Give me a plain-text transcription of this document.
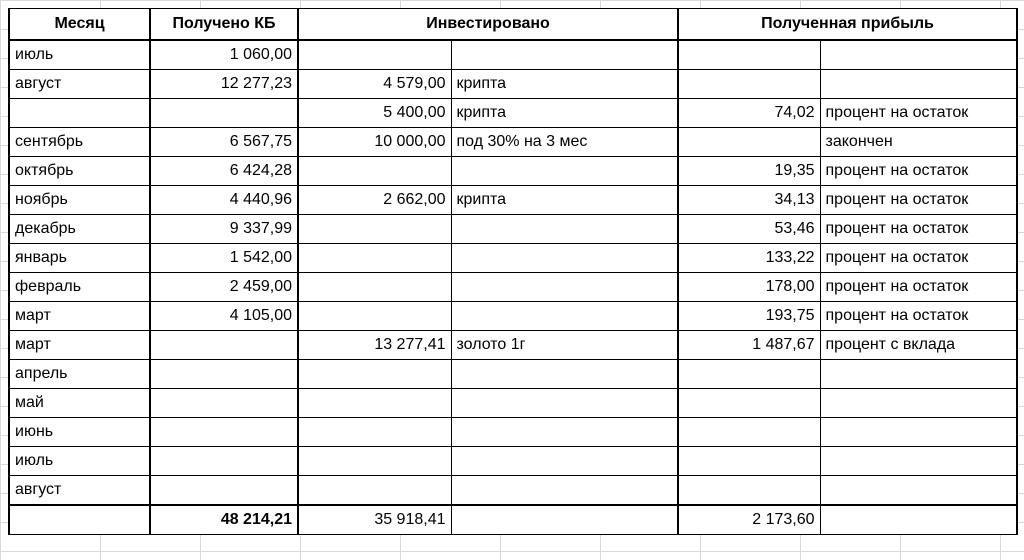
Месяц	Получено КБ	Инвестировано		Полученная прибыль	
июль	1 060,00				
август	12 277,23	4 579,00	крипта		
		5 400,00	крипта	74,02	процент на остаток
сентябрь	6 567,75	10 000,00	под 30% на 3 мес		закончен
октябрь	6 424,28			19,35	процент на остаток
ноябрь	4 440,96	2 662,00	крипта	34,13	процент на остаток
декабрь	9 337,99			53,46	процент на остаток
январь	1 542,00			133,22	процент на остаток
февраль	2 459,00			178,00	процент на остаток
март	4 105,00			193,75	процент на остаток
март		13 277,41	золото 1г	1 487,67	процент с вклада
апрель					
май					
июнь					
июль					
август					
	48 214,21	35 918,41		2 173,60	
